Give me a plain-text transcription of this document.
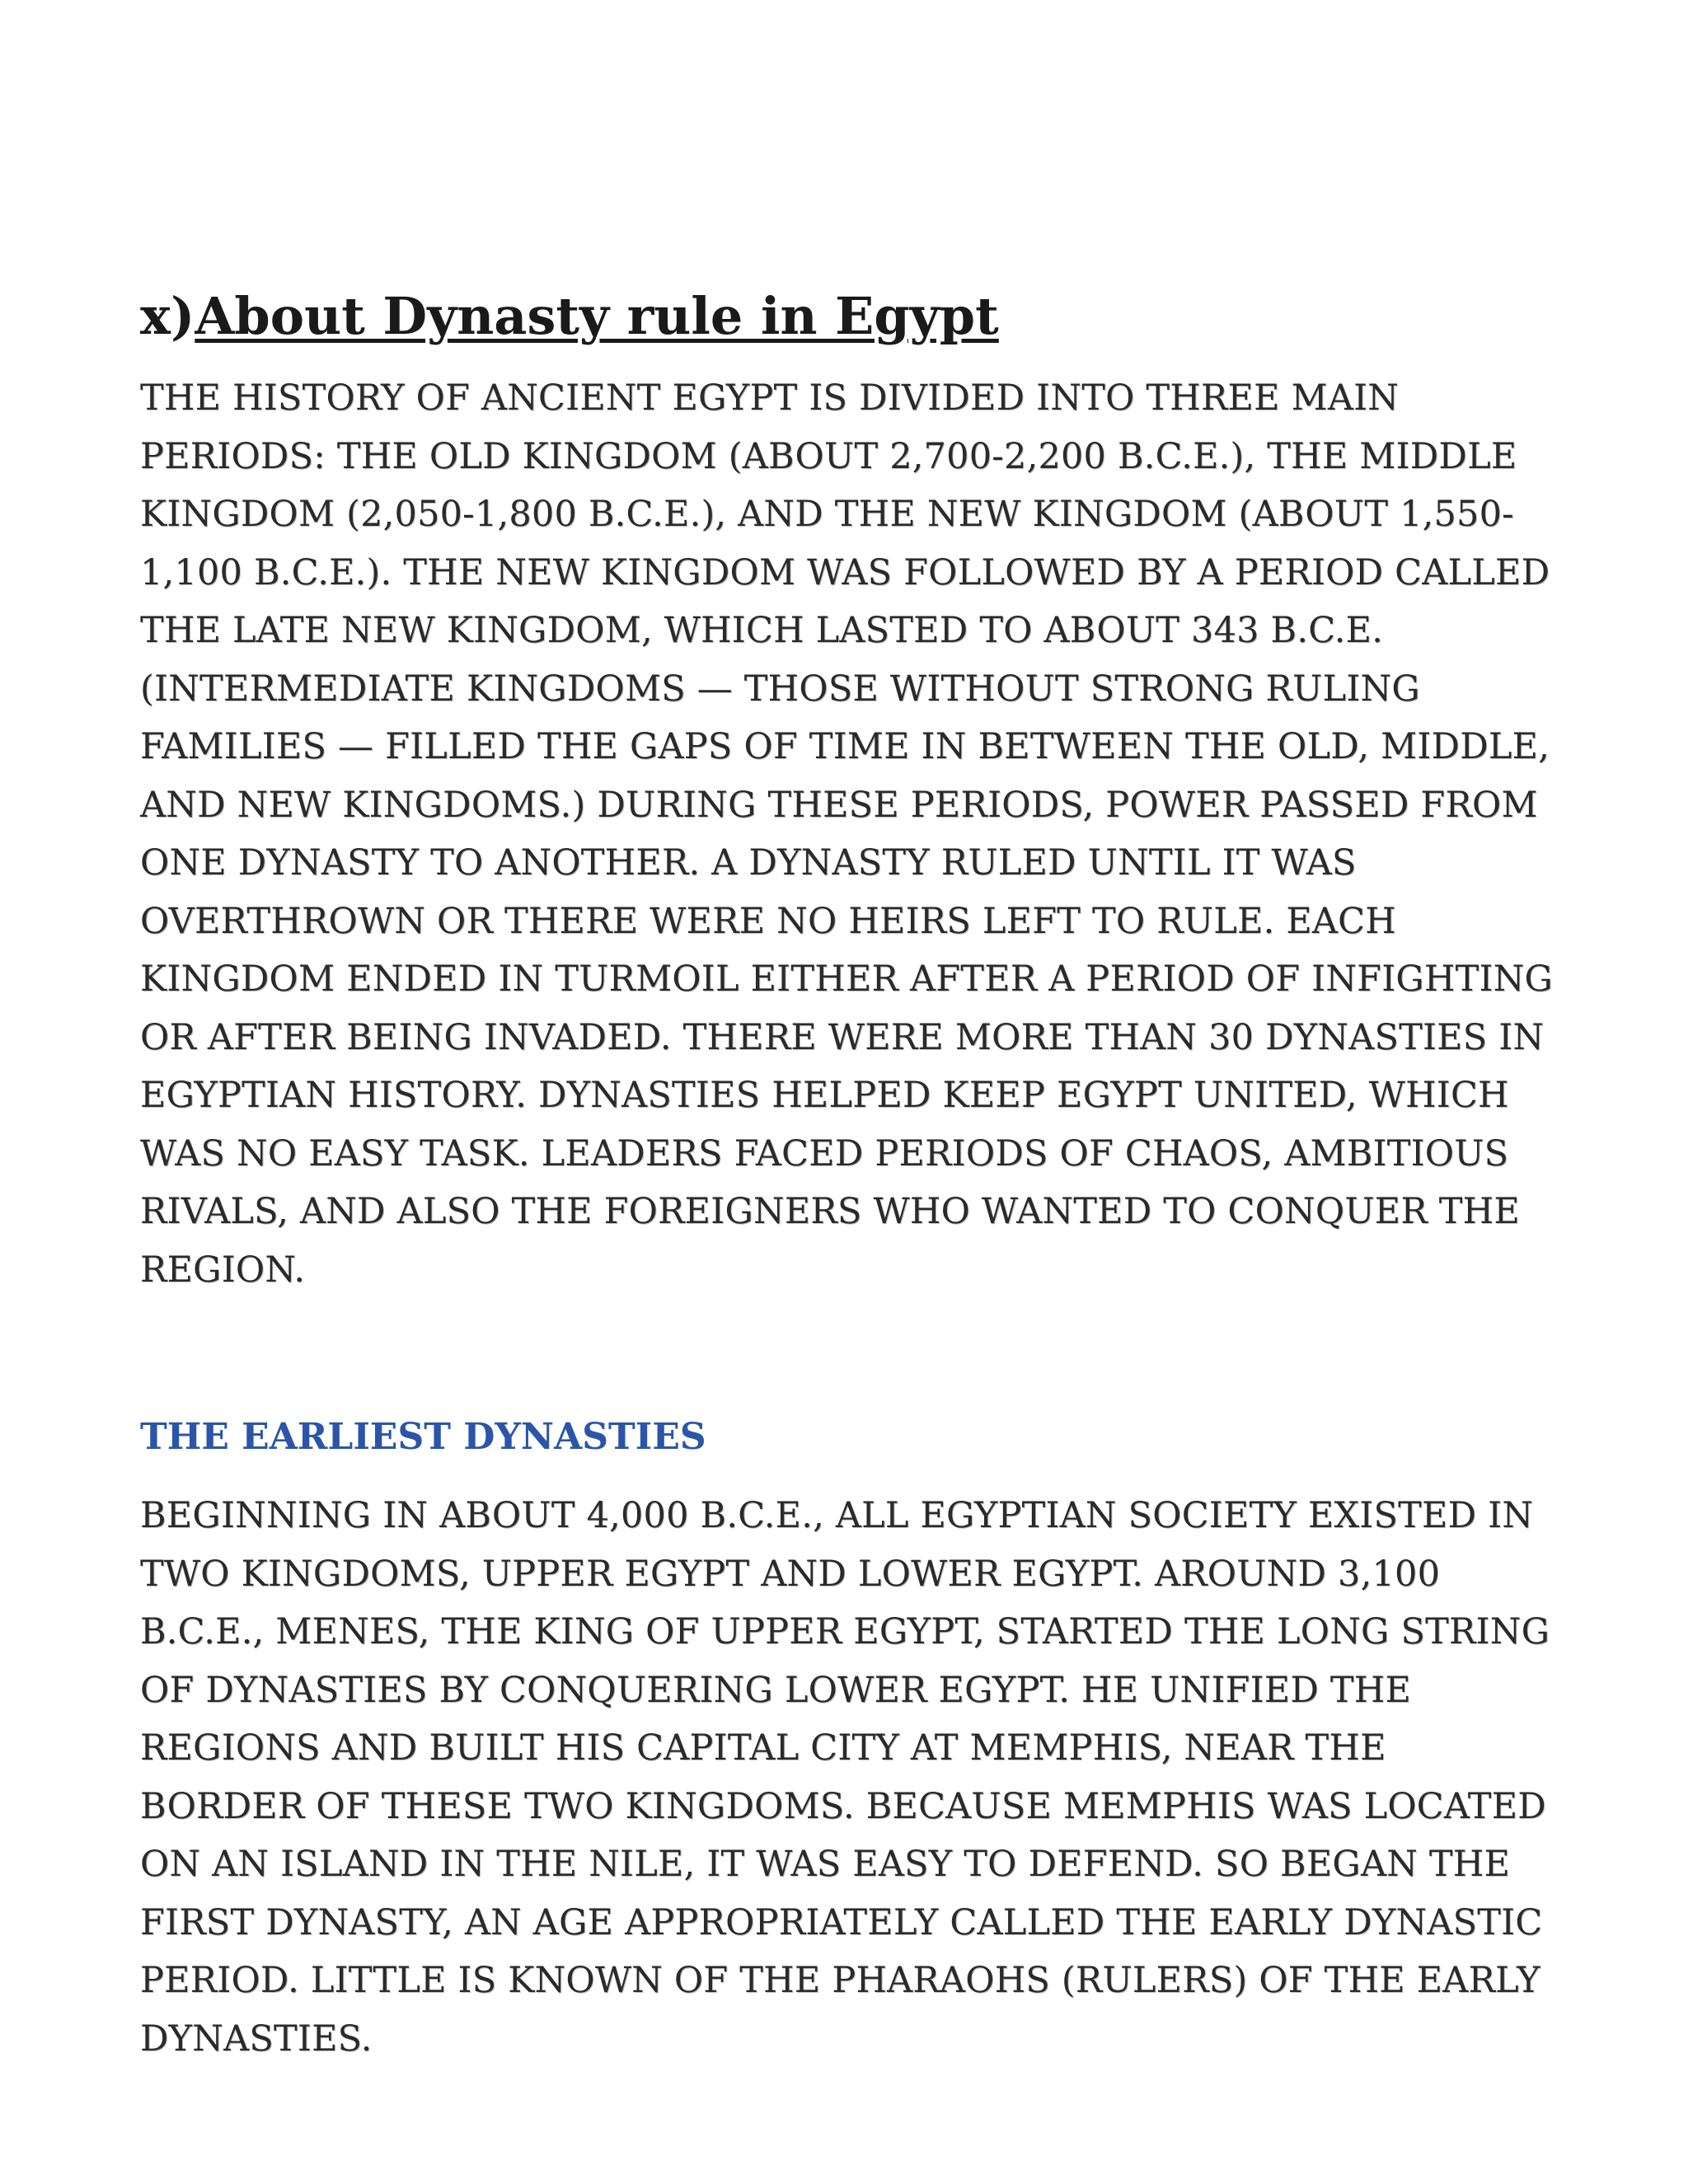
x)About Dynasty rule in Egypt

THE HISTORY OF ANCIENT EGYPT IS DIVIDED INTO THREE MAIN PERIODS: THE OLD KINGDOM (ABOUT 2,700-2,200 B.C.E.), THE MIDDLE KINGDOM (2,050-1,800 B.C.E.), AND THE NEW KINGDOM (ABOUT 1,550-1,100 B.C.E.). THE NEW KINGDOM WAS FOLLOWED BY A PERIOD CALLED THE LATE NEW KINGDOM, WHICH LASTED TO ABOUT 343 B.C.E. (INTERMEDIATE KINGDOMS — THOSE WITHOUT STRONG RULING FAMILIES — FILLED THE GAPS OF TIME IN BETWEEN THE OLD, MIDDLE, AND NEW KINGDOMS.) DURING THESE PERIODS, POWER PASSED FROM ONE DYNASTY TO ANOTHER. A DYNASTY RULED UNTIL IT WAS OVERTHROWN OR THERE WERE NO HEIRS LEFT TO RULE. EACH KINGDOM ENDED IN TURMOIL EITHER AFTER A PERIOD OF INFIGHTING OR AFTER BEING INVADED. THERE WERE MORE THAN 30 DYNASTIES IN EGYPTIAN HISTORY. DYNASTIES HELPED KEEP EGYPT UNITED, WHICH WAS NO EASY TASK. LEADERS FACED PERIODS OF CHAOS, AMBITIOUS RIVALS, AND ALSO THE FOREIGNERS WHO WANTED TO CONQUER THE REGION.

THE EARLIEST DYNASTIES

BEGINNING IN ABOUT 4,000 B.C.E., ALL EGYPTIAN SOCIETY EXISTED IN TWO KINGDOMS, UPPER EGYPT AND LOWER EGYPT. AROUND 3,100 B.C.E., MENES, THE KING OF UPPER EGYPT, STARTED THE LONG STRING OF DYNASTIES BY CONQUERING LOWER EGYPT. HE UNIFIED THE REGIONS AND BUILT HIS CAPITAL CITY AT MEMPHIS, NEAR THE BORDER OF THESE TWO KINGDOMS. BECAUSE MEMPHIS WAS LOCATED ON AN ISLAND IN THE NILE, IT WAS EASY TO DEFEND. SO BEGAN THE FIRST DYNASTY, AN AGE APPROPRIATELY CALLED THE EARLY DYNASTIC PERIOD. LITTLE IS KNOWN OF THE PHARAOHS (RULERS) OF THE EARLY DYNASTIES.
